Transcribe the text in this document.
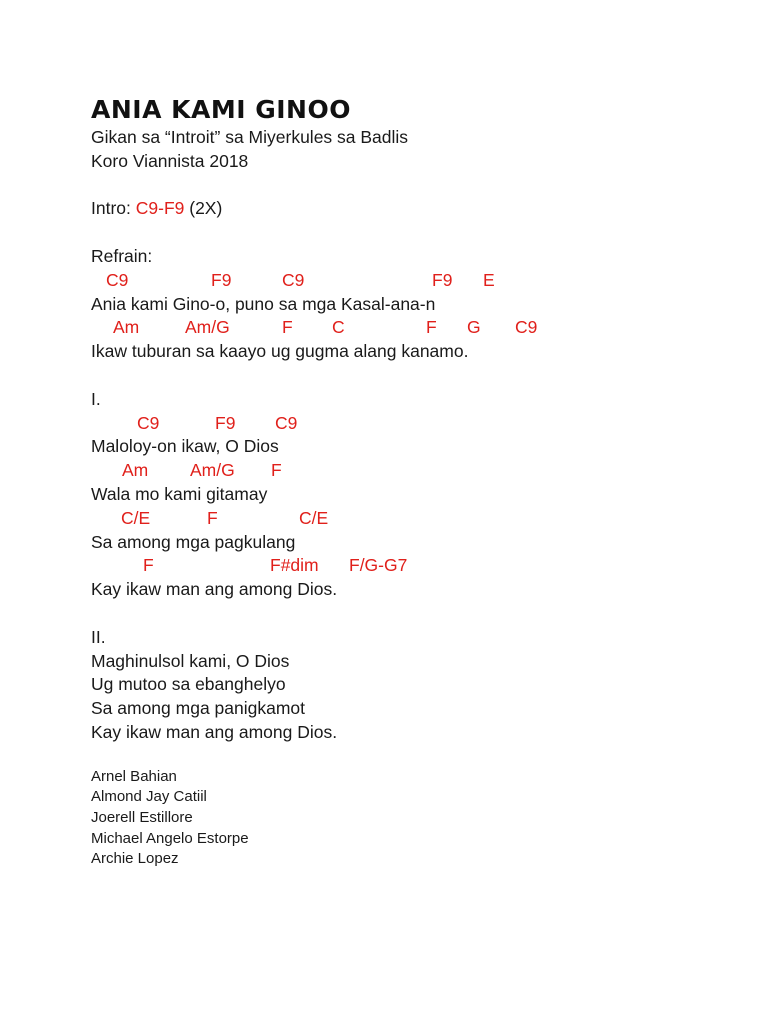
ANIA KAMI GINOO
Gikan sa “Introit” sa Miyerkules sa Badlis
Koro Viannista 2018
Intro: C9-F9 (2X)
Refrain:

C9

	F9

	C9

	F9

E

Ania kami Gino-o, puno sa mga Kasal-ana-n

Am

	Am/G

	F

C

	F

G

C9

Ikaw tuburan sa kaayo ug gugma alang kanamo.
I.

C9

	F9

C9

Maloloy-on ikaw, O Dios

Am

Am/G

F

Wala mo kami gitamay

C/E

	F

	C/E

Sa among mga pagkulang

F

	F#dim

F/G-G7

Kay ikaw man ang among Dios.
II.
Maghinulsol kami, O Dios
Ug mutoo sa ebanghelyo
Sa among mga panigkamot
Kay ikaw man ang among Dios.
Arnel Bahian
Almond Jay Catiil
Joerell Estillore
Michael Angelo Estorpe
Archie Lopez
